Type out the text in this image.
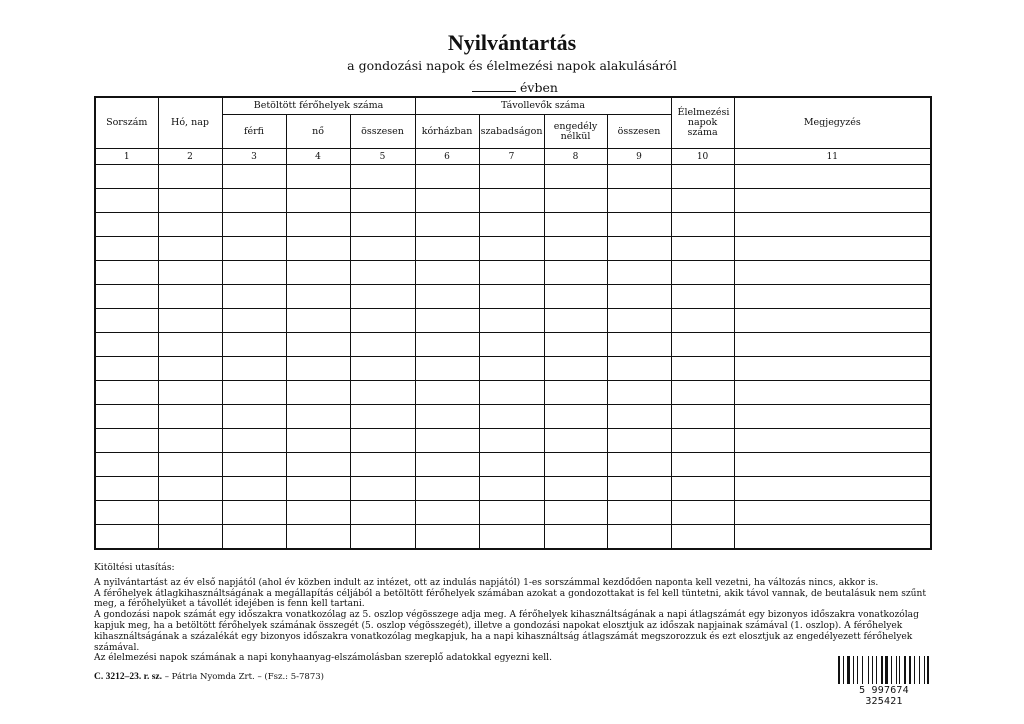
Nyilvántartás
a gondozási napok és élelmezési napok alakulásáról
évben
Sorszám	Hó, nap	Betöltött férőhelyek száma			Távollevők száma				Élelmezési napok száma	Megjegyzés
		férfi	nő	összesen	kórházban	szabadságon	engedély nélkül	összesen		
1	2	3	4	5	6	7	8	9	10	11

Kitöltési utasítás:

A nyilvántartást az év első napjától (ahol év közben indult az intézet, ott az indulás napjától) 1-es sorszámmal kezdődően naponta kell vezetni, ha változás nincs, akkor is.

A férőhelyek átlagkihasználtságának a megállapítás céljából a betöltött férőhelyek számában azokat a gondozottakat is fel kell tüntetni, akik távol vannak, de beutalásuk nem szűnt meg, a férőhelyüket a távollét idejében is fenn kell tartani.

A gondozási napok számát egy időszakra vonatkozólag az 5. oszlop végösszege adja meg. A férőhelyek kihasználtságának a napi átlagszámát egy bizonyos időszakra vonatkozólag kapjuk meg, ha a betöltött férőhelyek számának összegét (5. oszlop végösszegét), illetve a gondozási napokat elosztjuk az időszak napjainak számával (1. oszlop). A férőhelyek kihasználtságának a százalékát egy bizonyos időszakra vonatkozólag megkapjuk, ha a napi kihasználtság átlagszámát megszorozzuk és ezt elosztjuk az engedélyezett férőhelyek számával.

Az élelmezési napok számának a napi konyhaanyag-elszámolásban szereplő adatokkal egyezni kell.

C. 3212–23. r. sz. – Pátria Nyomda Zrt. – (Fsz.: 5-7873)
5 997674 325421
